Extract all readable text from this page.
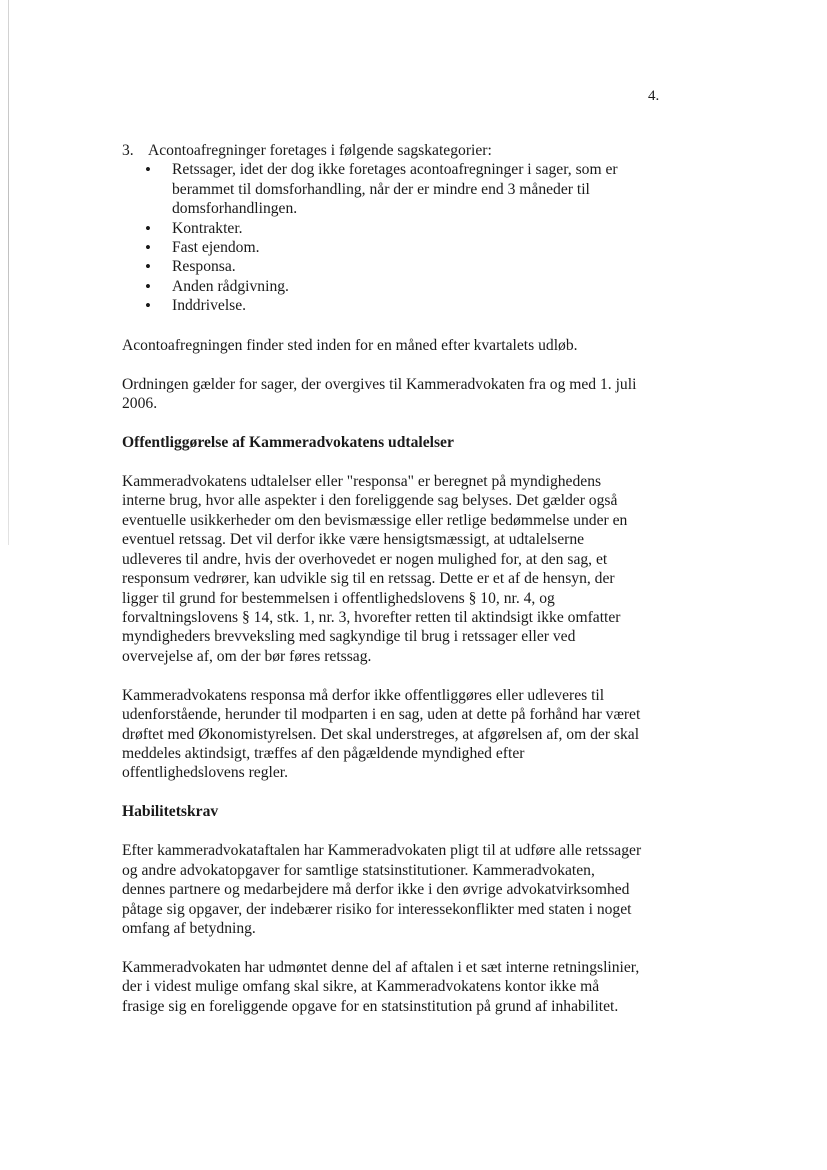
4.
3. Acontoafregninger foretages i følgende sagskategorier:
• Retssager, idet der dog ikke foretages acontoafregninger i sager, som er berammet til domsforhandling, når der er mindre end 3 måneder til domsforhandlingen.
• Kontrakter.
• Fast ejendom.
• Responsa.
• Anden rådgivning.
• Inddrivelse.

Acontoafregningen finder sted inden for en måned efter kvartalets udløb.

Ordningen gælder for sager, der overgives til Kammeradvokaten fra og med 1. juli 2006.

Offentliggørelse af Kammeradvokatens udtalelser

Kammeradvokatens udtalelser eller "responsa" er beregnet på myndighedens interne brug, hvor alle aspekter i den foreliggende sag belyses. Det gælder også eventuelle usikkerheder om den bevismæssige eller retlige bedømmelse under en eventuel retssag. Det vil derfor ikke være hensigtsmæssigt, at udtalelserne udleveres til andre, hvis der overhovedet er nogen mulighed for, at den sag, et responsum vedrører, kan udvikle sig til en retssag. Dette er et af de hensyn, der ligger til grund for bestemmelsen i offentlighedslovens § 10, nr. 4, og forvaltningslovens § 14, stk. 1, nr. 3, hvorefter retten til aktindsigt ikke omfatter myndigheders brevveksling med sagkyndige til brug i retssager eller ved overvejelse af, om der bør føres retssag.

Kammeradvokatens responsa må derfor ikke offentliggøres eller udleveres til udenforstående, herunder til modparten i en sag, uden at dette på forhånd har været drøftet med Økonomistyrelsen. Det skal understreges, at afgørelsen af, om der skal meddeles aktindsigt, træffes af den pågældende myndighed efter offentlighedslovens regler.

Habilitetskrav

Efter kammeradvokataftalen har Kammeradvokaten pligt til at udføre alle retssager og andre advokatopgaver for samtlige statsinstitutioner. Kammeradvokaten, dennes partnere og medarbejdere må derfor ikke i den øvrige advokatvirksomhed påtage sig opgaver, der indebærer risiko for interessekonflikter med staten i noget omfang af betydning.

Kammeradvokaten har udmøntet denne del af aftalen i et sæt interne retningslinier, der i videst mulige omfang skal sikre, at Kammeradvokatens kontor ikke må frasige sig en foreliggende opgave for en statsinstitution på grund af inhabilitet.
